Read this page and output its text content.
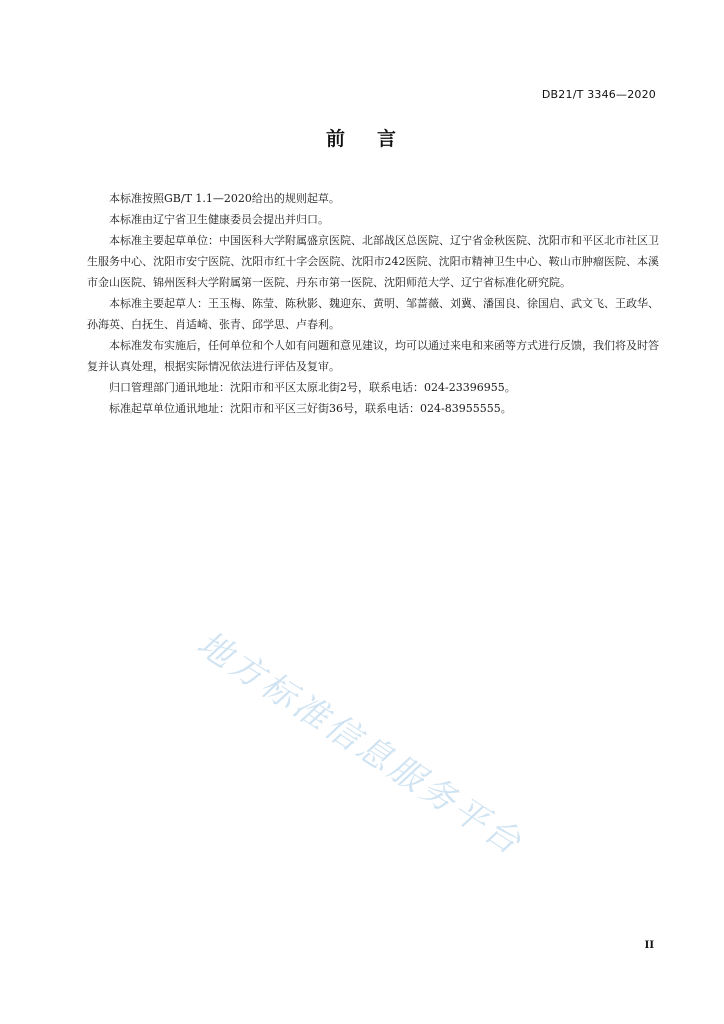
DB21/T 3346—2020
前 言

本标准按照GB/T 1.1—2020给出的规则起草。

本标准由辽宁省卫生健康委员会提出并归口。

本标准主要起草单位：中国医科大学附属盛京医院、北部战区总医院、辽宁省金秋医院、沈阳市和平区北市社区卫生服务中心、沈阳市安宁医院、沈阳市红十字会医院、沈阳市242医院、沈阳市精神卫生中心、鞍山市肿瘤医院、本溪市金山医院、锦州医科大学附属第一医院、丹东市第一医院、沈阳师范大学、辽宁省标准化研究院。

本标准主要起草人：王玉梅、陈莹、陈秋影、魏迎东、黄明、邹蔷薇、刘冀、潘国良、徐国启、武文飞、王政华、孙海英、白抚生、肖适崎、张青、邱学思、卢春利。

本标准发布实施后，任何单位和个人如有问题和意见建议，均可以通过来电和来函等方式进行反馈，我们将及时答复并认真处理，根据实际情况依法进行评估及复审。

归口管理部门通讯地址：沈阳市和平区太原北街2号，联系电话：024-23396955。

标准起草单位通讯地址：沈阳市和平区三好街36号，联系电话：024-83955555。

地方标准信息服务平台
II
